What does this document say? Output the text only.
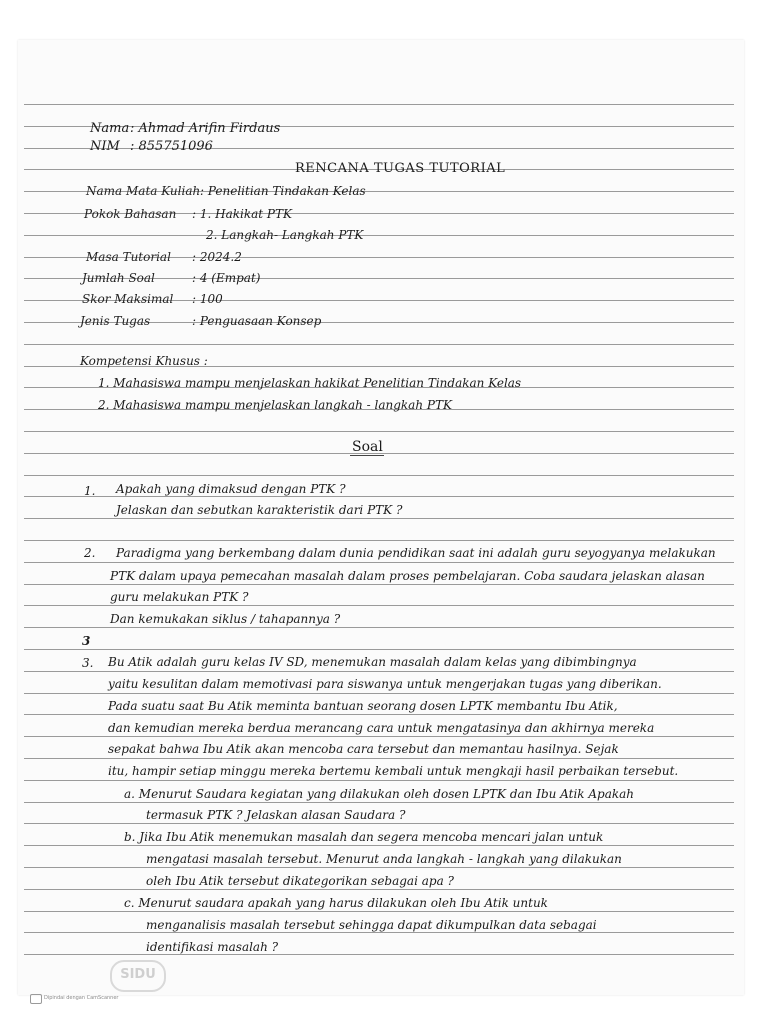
Nama : Ahmad Arifin Firdaus
NIM : 855751096
RENCANA TUGAS TUTORIAL
Nama Mata Kuliah : Penelitian Tindakan Kelas
Pokok Bahasan : 1. Hakikat PTK
2. Langkah- Langkah PTK
Masa Tutorial : 2024.2
Jumlah Soal	: 4 (Empat)
Skor Maksimal : 100
Jenis Tugas	: Penguasaan Konsep
Kompetensi Khusus :
1. Mahasiswa mampu menjelaskan hakikat Penelitian Tindakan Kelas
2. Mahasiswa mampu menjelaskan langkah - langkah PTK
Soal
1. Apakah yang dimaksud dengan PTK ?
Jelaskan dan sebutkan karakteristik dari PTK ?
2. Paradigma yang berkembang dalam dunia pendidikan saat ini adalah guru seyogyanya melakukan
PTK dalam upaya pemecahan masalah dalam proses pembelajaran. Coba saudara jelaskan alasan
guru melakukan PTK ?
Dan kemukakan siklus / tahapannya ?
3
3. Bu Atik adalah guru kelas IV SD, menemukan masalah dalam kelas yang dibimbingnya
yaitu kesulitan dalam memotivasi para siswanya untuk mengerjakan tugas yang diberikan.
Pada suatu saat Bu Atik meminta bantuan seorang dosen LPTK membantu Ibu Atik,
dan kemudian mereka berdua merancang cara untuk mengatasinya dan akhirnya mereka
sepakat bahwa Ibu Atik akan mencoba cara tersebut dan memantau hasilnya. Sejak
itu, hampir setiap minggu mereka bertemu kembali untuk mengkaji hasil perbaikan tersebut.
a. Menurut Saudara kegiatan yang dilakukan oleh dosen LPTK dan Ibu Atik Apakah
termasuk PTK ? Jelaskan alasan Saudara ?
b. Jika Ibu Atik menemukan masalah dan segera mencoba mencari jalan untuk
mengatasi masalah tersebut. Menurut anda langkah - langkah yang dilakukan
oleh Ibu Atik tersebut dikategorikan sebagai apa ?
c. Menurut saudara apakah yang harus dilakukan oleh Ibu Atik untuk
menganalisis masalah tersebut sehingga dapat dikumpulkan data sebagai
identifikasi masalah ?
SIDU
Dipindai dengan CamScanner
